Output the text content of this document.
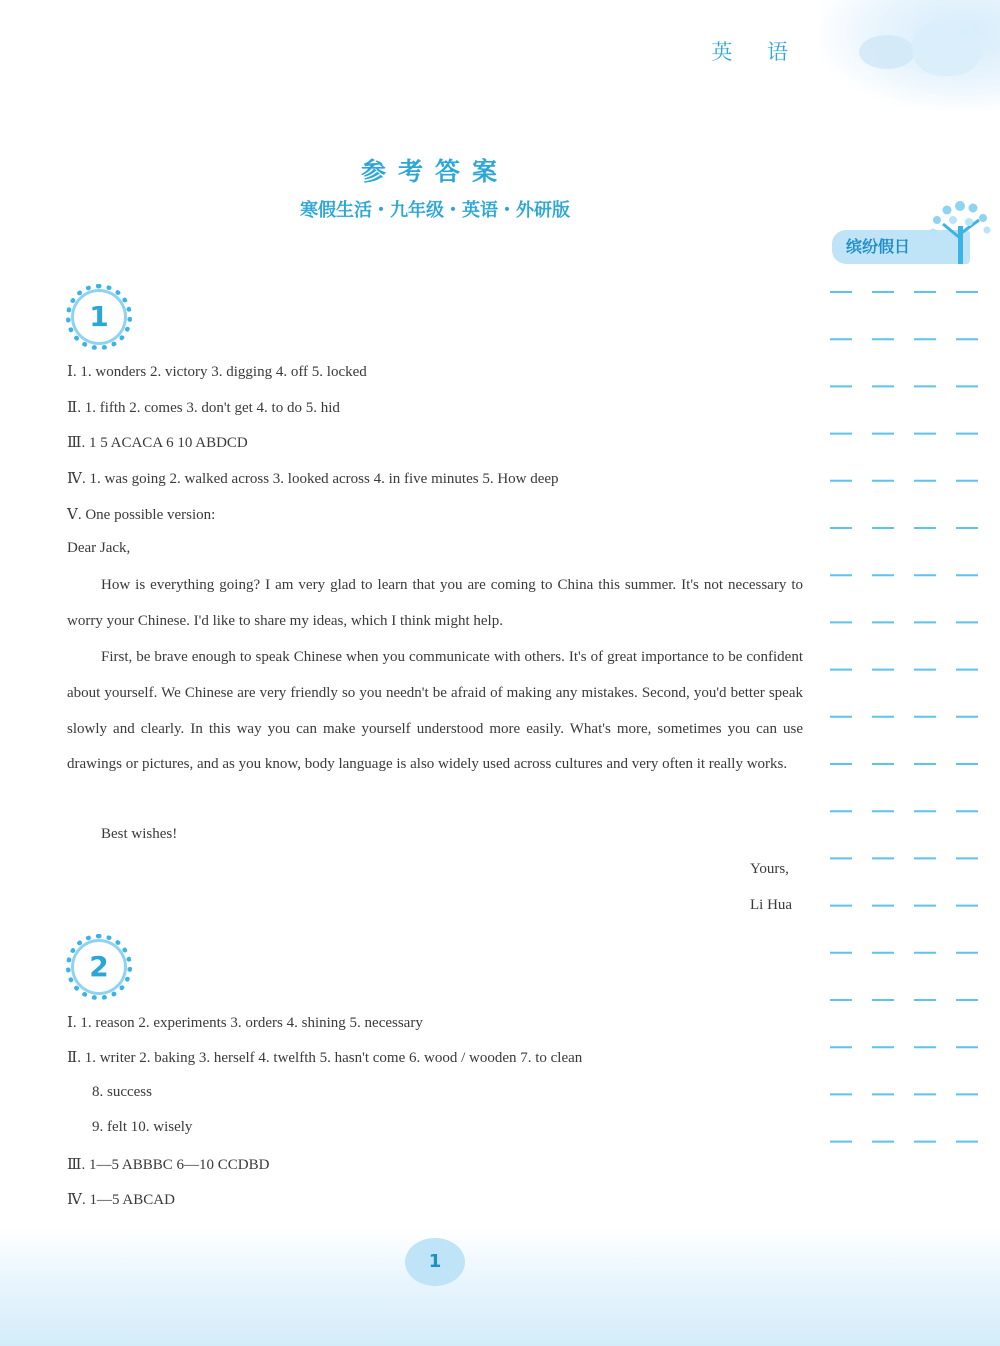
英 语
参考答案
寒假生活・九年级・英语・外研版
缤纷假日
1
Ⅰ. 1. wonders 2. victory 3. digging 4. off 5. locked
Ⅱ. 1. fifth 2. comes 3. don't get 4. to do 5. hid
Ⅲ. 1 5 ACACA 6 10 ABDCD
Ⅳ. 1. was going 2. walked across 3. looked across 4. in five minutes 5. How deep
Ⅴ. One possible version:
Dear Jack,
How is everything going? I am very glad to learn that you are coming to China this summer. It's not necessary to worry your Chinese. I'd like to share my ideas, which I think might help.
First, be brave enough to speak Chinese when you communicate with others. It's of great importance to be confident about yourself. We Chinese are very friendly so you needn't be afraid of making any mistakes. Second, you'd better speak slowly and clearly. In this way you can make yourself understood more easily. What's more, sometimes you can use drawings or pictures, and as you know, body language is also widely used across cultures and very often it really works.
Best wishes!
Yours,
Li Hua
2
Ⅰ. 1. reason 2. experiments 3. orders 4. shining 5. necessary
Ⅱ. 1. writer 2. baking 3. herself 4. twelfth 5. hasn't come 6. wood / wooden 7. to clean
8. success
9. felt 10. wisely
Ⅲ. 1—5 ABBBC 6—10 CCDBD
Ⅳ. 1—5 ABCAD
1
